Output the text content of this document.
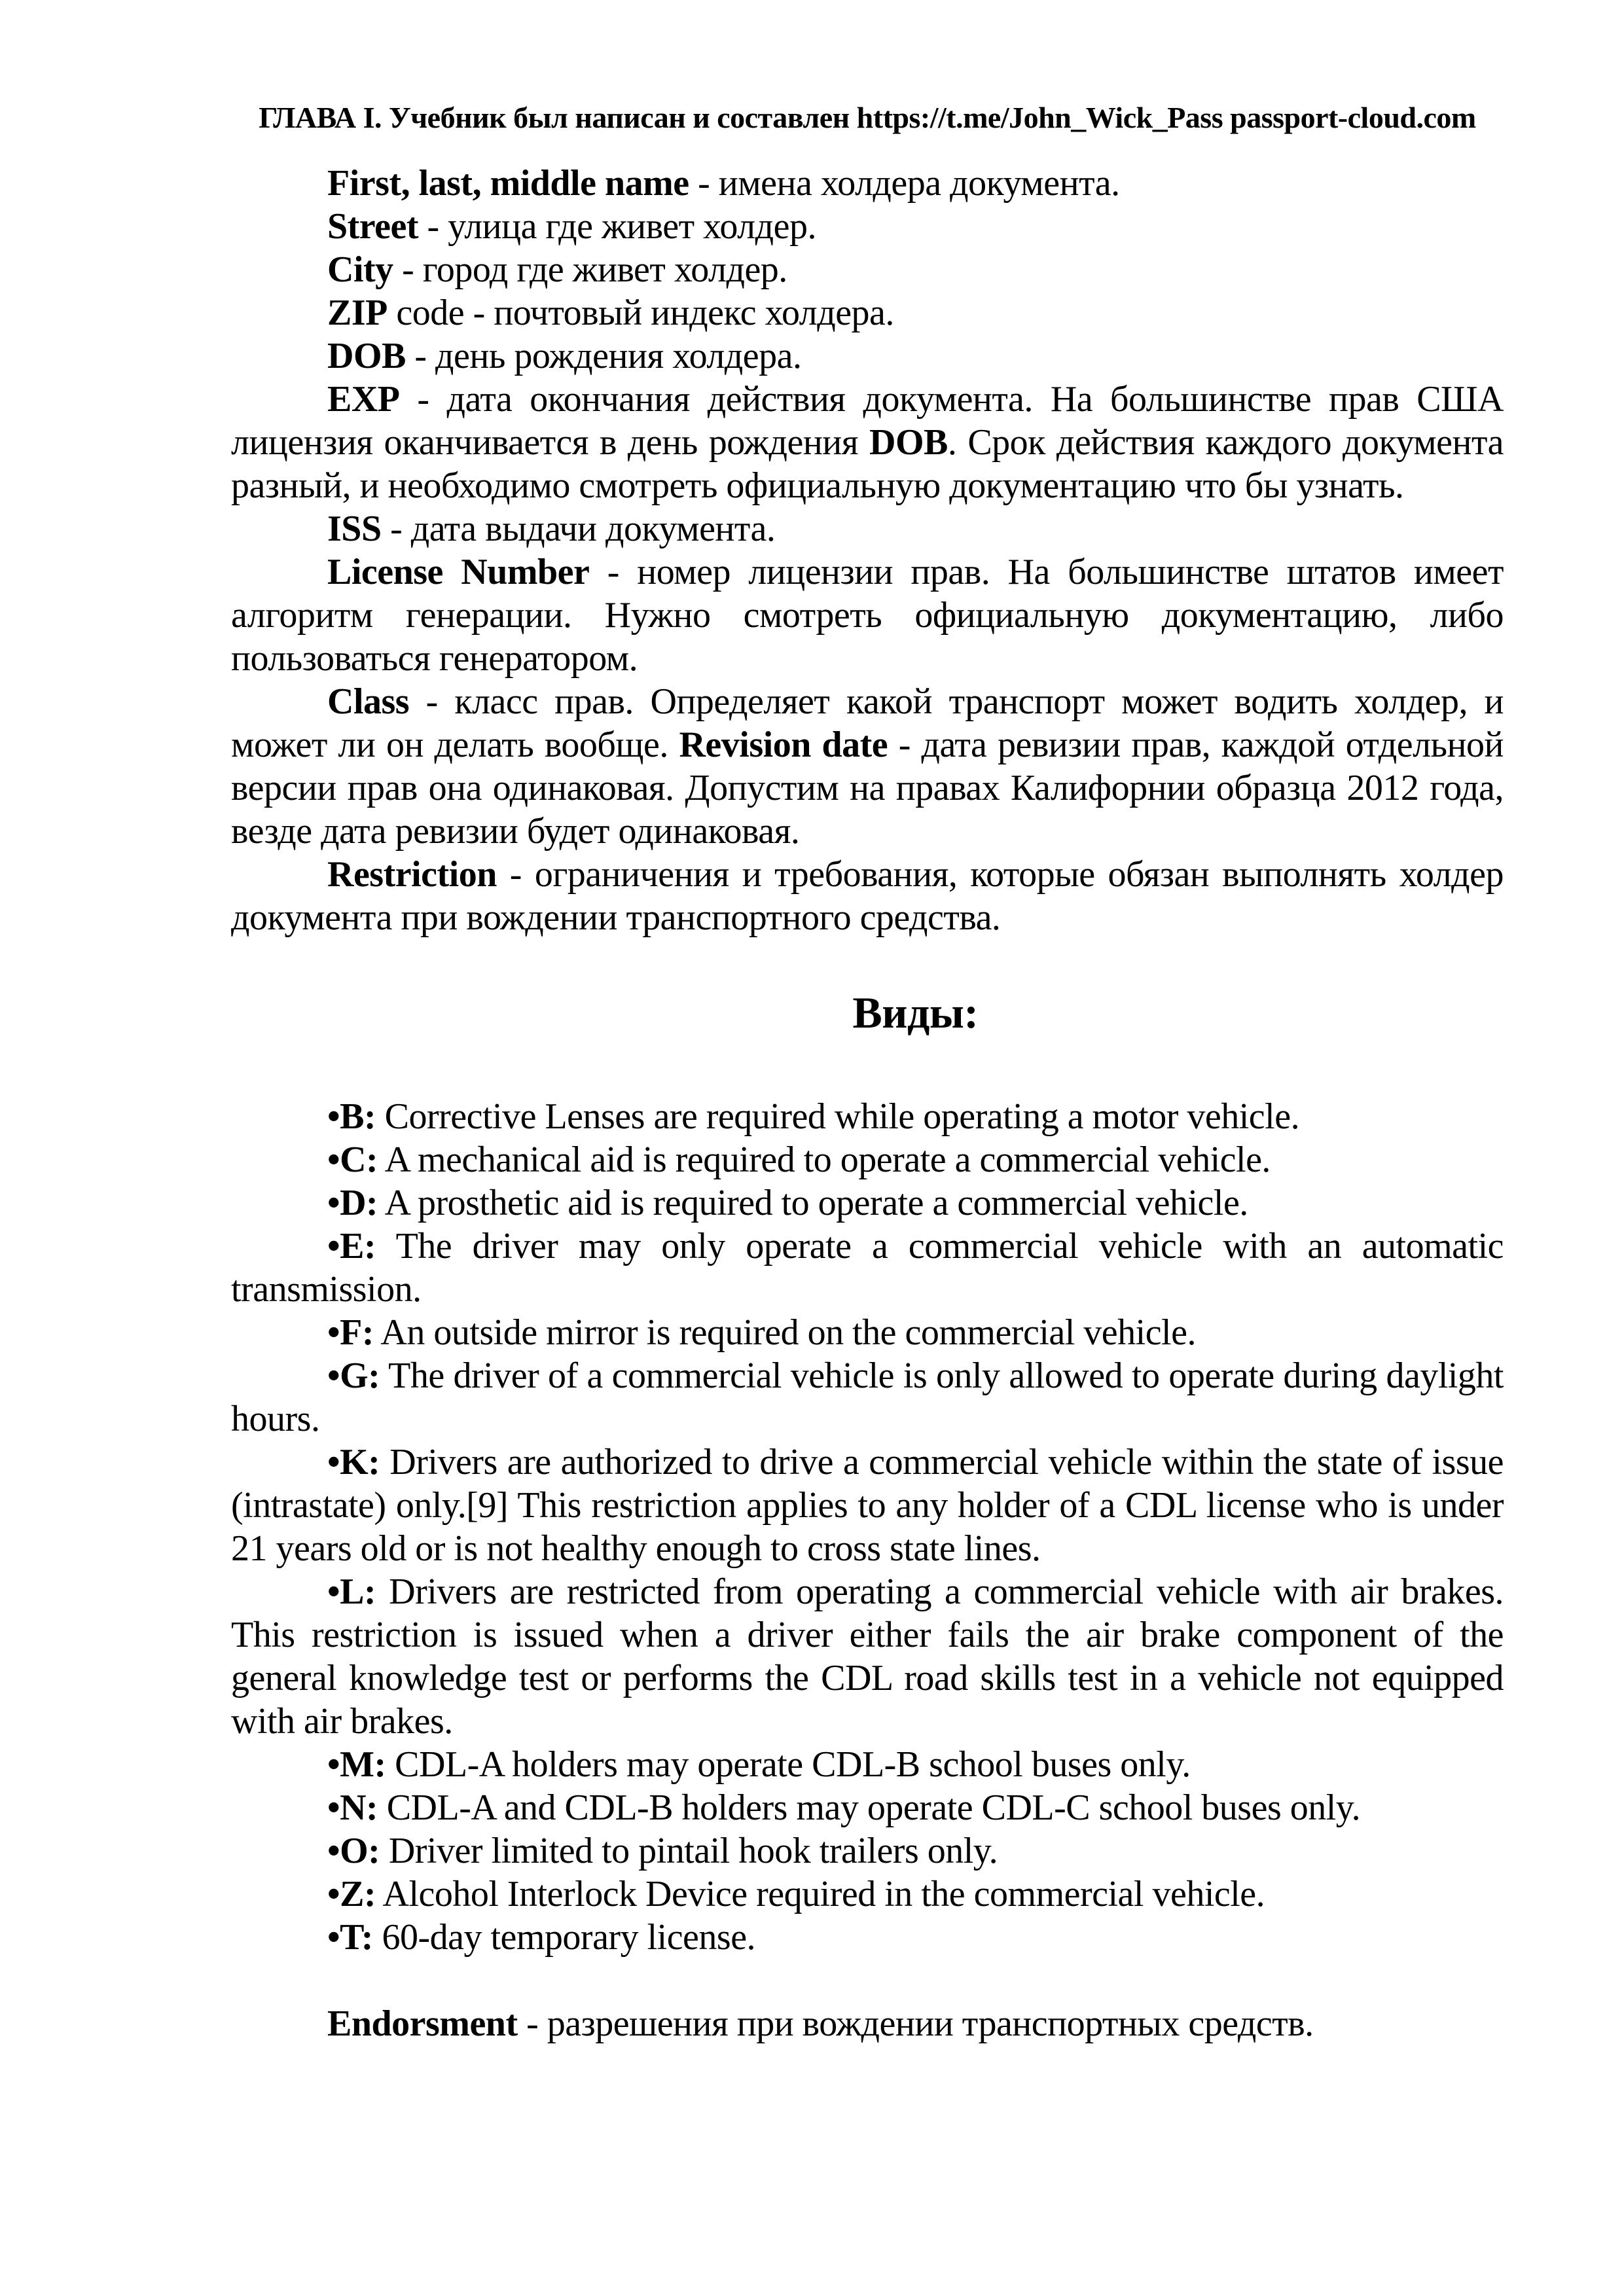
ГЛАВА I. Учебник был написан и составлен https://t.me/John_Wick_Pass passport-cloud.com
First, last, middle name - имена холдера документа.
Street - улица где живет холдер.
City - город где живет холдер.
ZIP code - почтовый индекс холдера.
DOB - день рождения холдера.
EXP - дата окончания действия документа. На большинстве прав США лицензия оканчивается в день рождения DOB. Срок действия каждого документа разный, и необходимо смотреть официальную документацию что бы узнать.
ISS - дата выдачи документа.
License Number - номер лицензии прав. На большинстве штатов имеет алгоритм генерации. Нужно смотреть официальную документацию, либо пользоваться генератором.
Class - класс прав. Определяет какой транспорт может водить холдер, и может ли он делать вообще. Revision date - дата ревизии прав, каждой отдельной версии прав она одинаковая. Допустим на правах Калифорнии образца 2012 года, везде дата ревизии будет одинаковая.
Restriction - ограничения и требования, которые обязан выполнять холдер документа при вождении транспортного средства.
Виды:
•B: Corrective Lenses are required while operating a motor vehicle.
•C: A mechanical aid is required to operate a commercial vehicle.
•D: A prosthetic aid is required to operate a commercial vehicle.
•E: The driver may only operate a commercial vehicle with an automatic transmission.
•F: An outside mirror is required on the commercial vehicle.
•G: The driver of a commercial vehicle is only allowed to operate during daylight hours.
•K: Drivers are authorized to drive a commercial vehicle within the state of issue (intrastate) only.[9] This restriction applies to any holder of a CDL license who is under 21 years old or is not healthy enough to cross state lines.
•L: Drivers are restricted from operating a commercial vehicle with air brakes. This restriction is issued when a driver either fails the air brake component of the general knowledge test or performs the CDL road skills test in a vehicle not equipped with air brakes.
•M: CDL-A holders may operate CDL-B school buses only.
•N: CDL-A and CDL-B holders may operate CDL-C school buses only.
•O: Driver limited to pintail hook trailers only.
•Z: Alcohol Interlock Device required in the commercial vehicle.
•T: 60-day temporary license.
Endorsment - разрешения при вождении транспортных средств.
